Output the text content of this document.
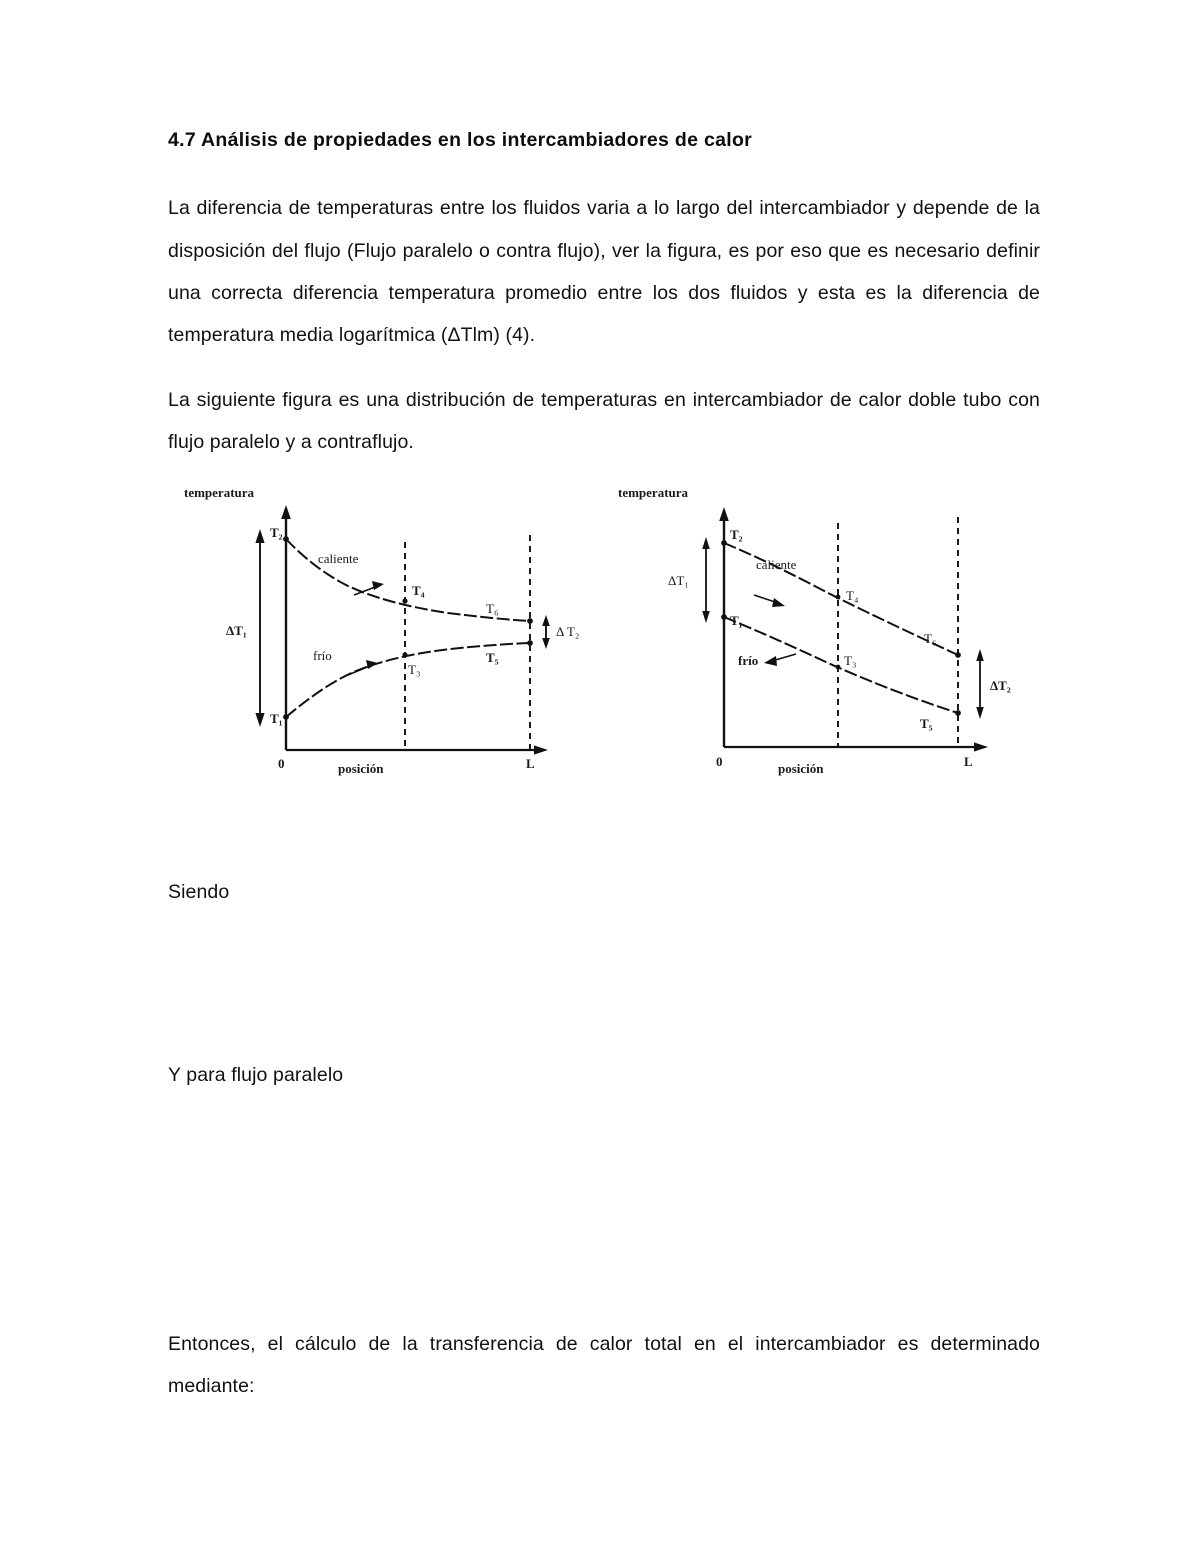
4.7 Análisis de propiedades en los intercambiadores de calor

La diferencia de temperaturas entre los fluidos varia a lo largo del intercambiador y depende de la disposición del flujo (Flujo paralelo o contra flujo), ver la figura, es por eso que es necesario definir una correcta diferencia temperatura promedio entre los dos fluidos y esta es la diferencia de temperatura media logarítmica (ΔTlm) (4).

La siguiente figura es una distribución de temperaturas en intercambiador de calor doble tubo con flujo paralelo y a contraflujo.

temperatura
posición
0	L
caliente
frío
T₂
T₁
T₄
T₃
T₆
T₅
ΔT₁	Δ T₂
temperatura
posición
0	L
caliente
frío
T₂
T₁
T₄
T₃
T₆
T₅
ΔT₁
ΔT₂

Siendo

Y para flujo paralelo

Entonces, el cálculo de la transferencia de calor total en el intercambiador es determinado mediante:
